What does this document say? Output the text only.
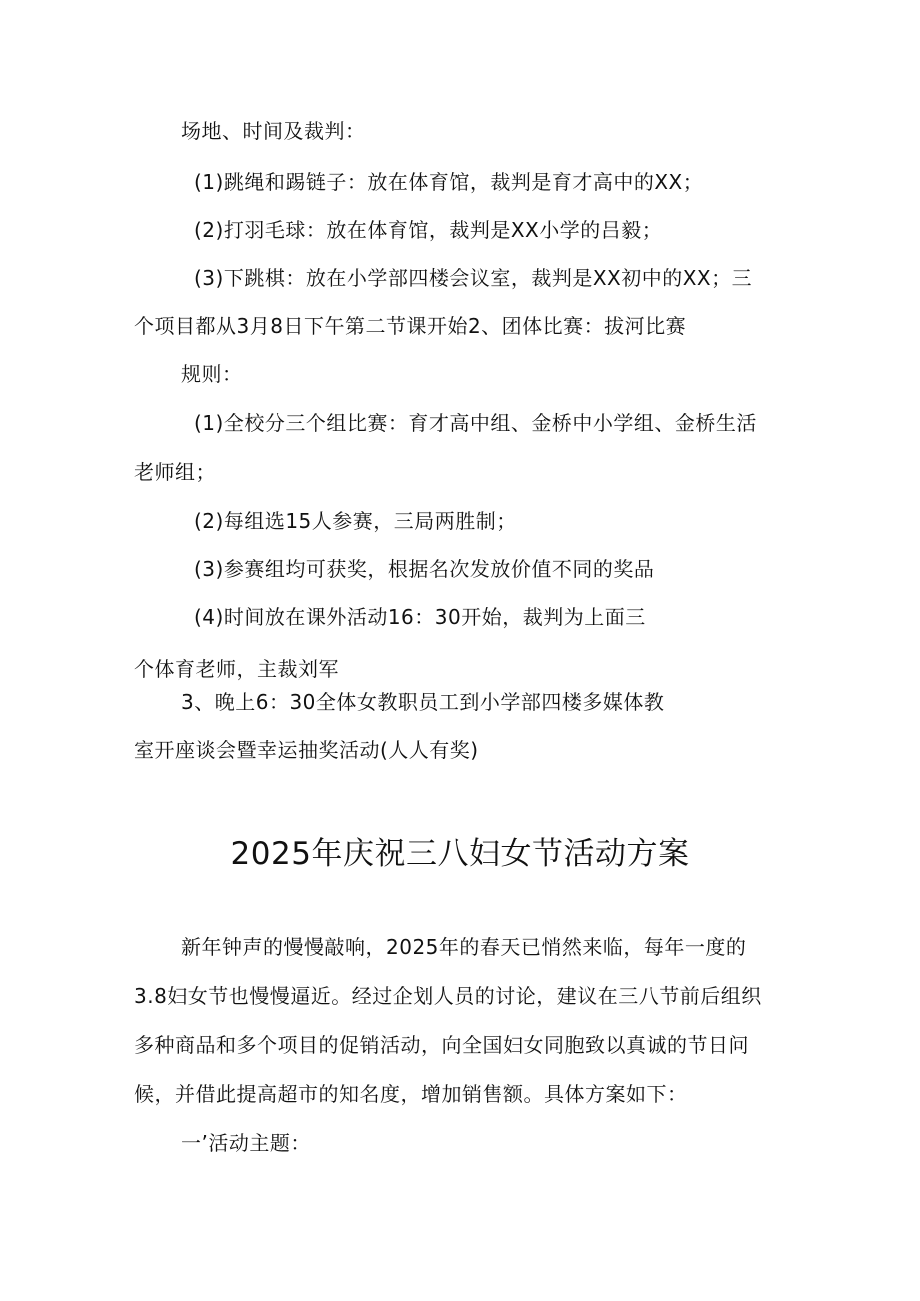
场地、时间及裁判：
(1)跳绳和踢链子：放在体育馆，裁判是育才高中的XX；
(2)打羽毛球：放在体育馆，裁判是XX小学的吕毅；
(3)下跳棋：放在小学部四楼会议室，裁判是XX初中的XX；三
个项目都从3月8日下午第二节课开始2、团体比赛：拔河比赛
规则：
(1)全校分三个组比赛：育才高中组、金桥中小学组、金桥生活
老师组；
(2)每组选15人参赛，三局两胜制；
(3)参赛组均可获奖，根据名次发放价值不同的奖品
(4)时间放在课外活动16：30开始，裁判为上面三
个体育老师，主裁刘军
3、晚上6：30全体女教职员工到小学部四楼多媒体教
室开座谈会暨幸运抽奖活动(人人有奖)
2025年庆祝三八妇女节活动方案
新年钟声的慢慢敲响，2025年的春天已悄然来临，每年一度的
3.8妇女节也慢慢逼近。经过企划人员的讨论，建议在三八节前后组织
多种商品和多个项目的促销活动，向全国妇女同胞致以真诚的节日问
候，并借此提高超市的知名度，增加销售额。具体方案如下：
一’活动主题：
